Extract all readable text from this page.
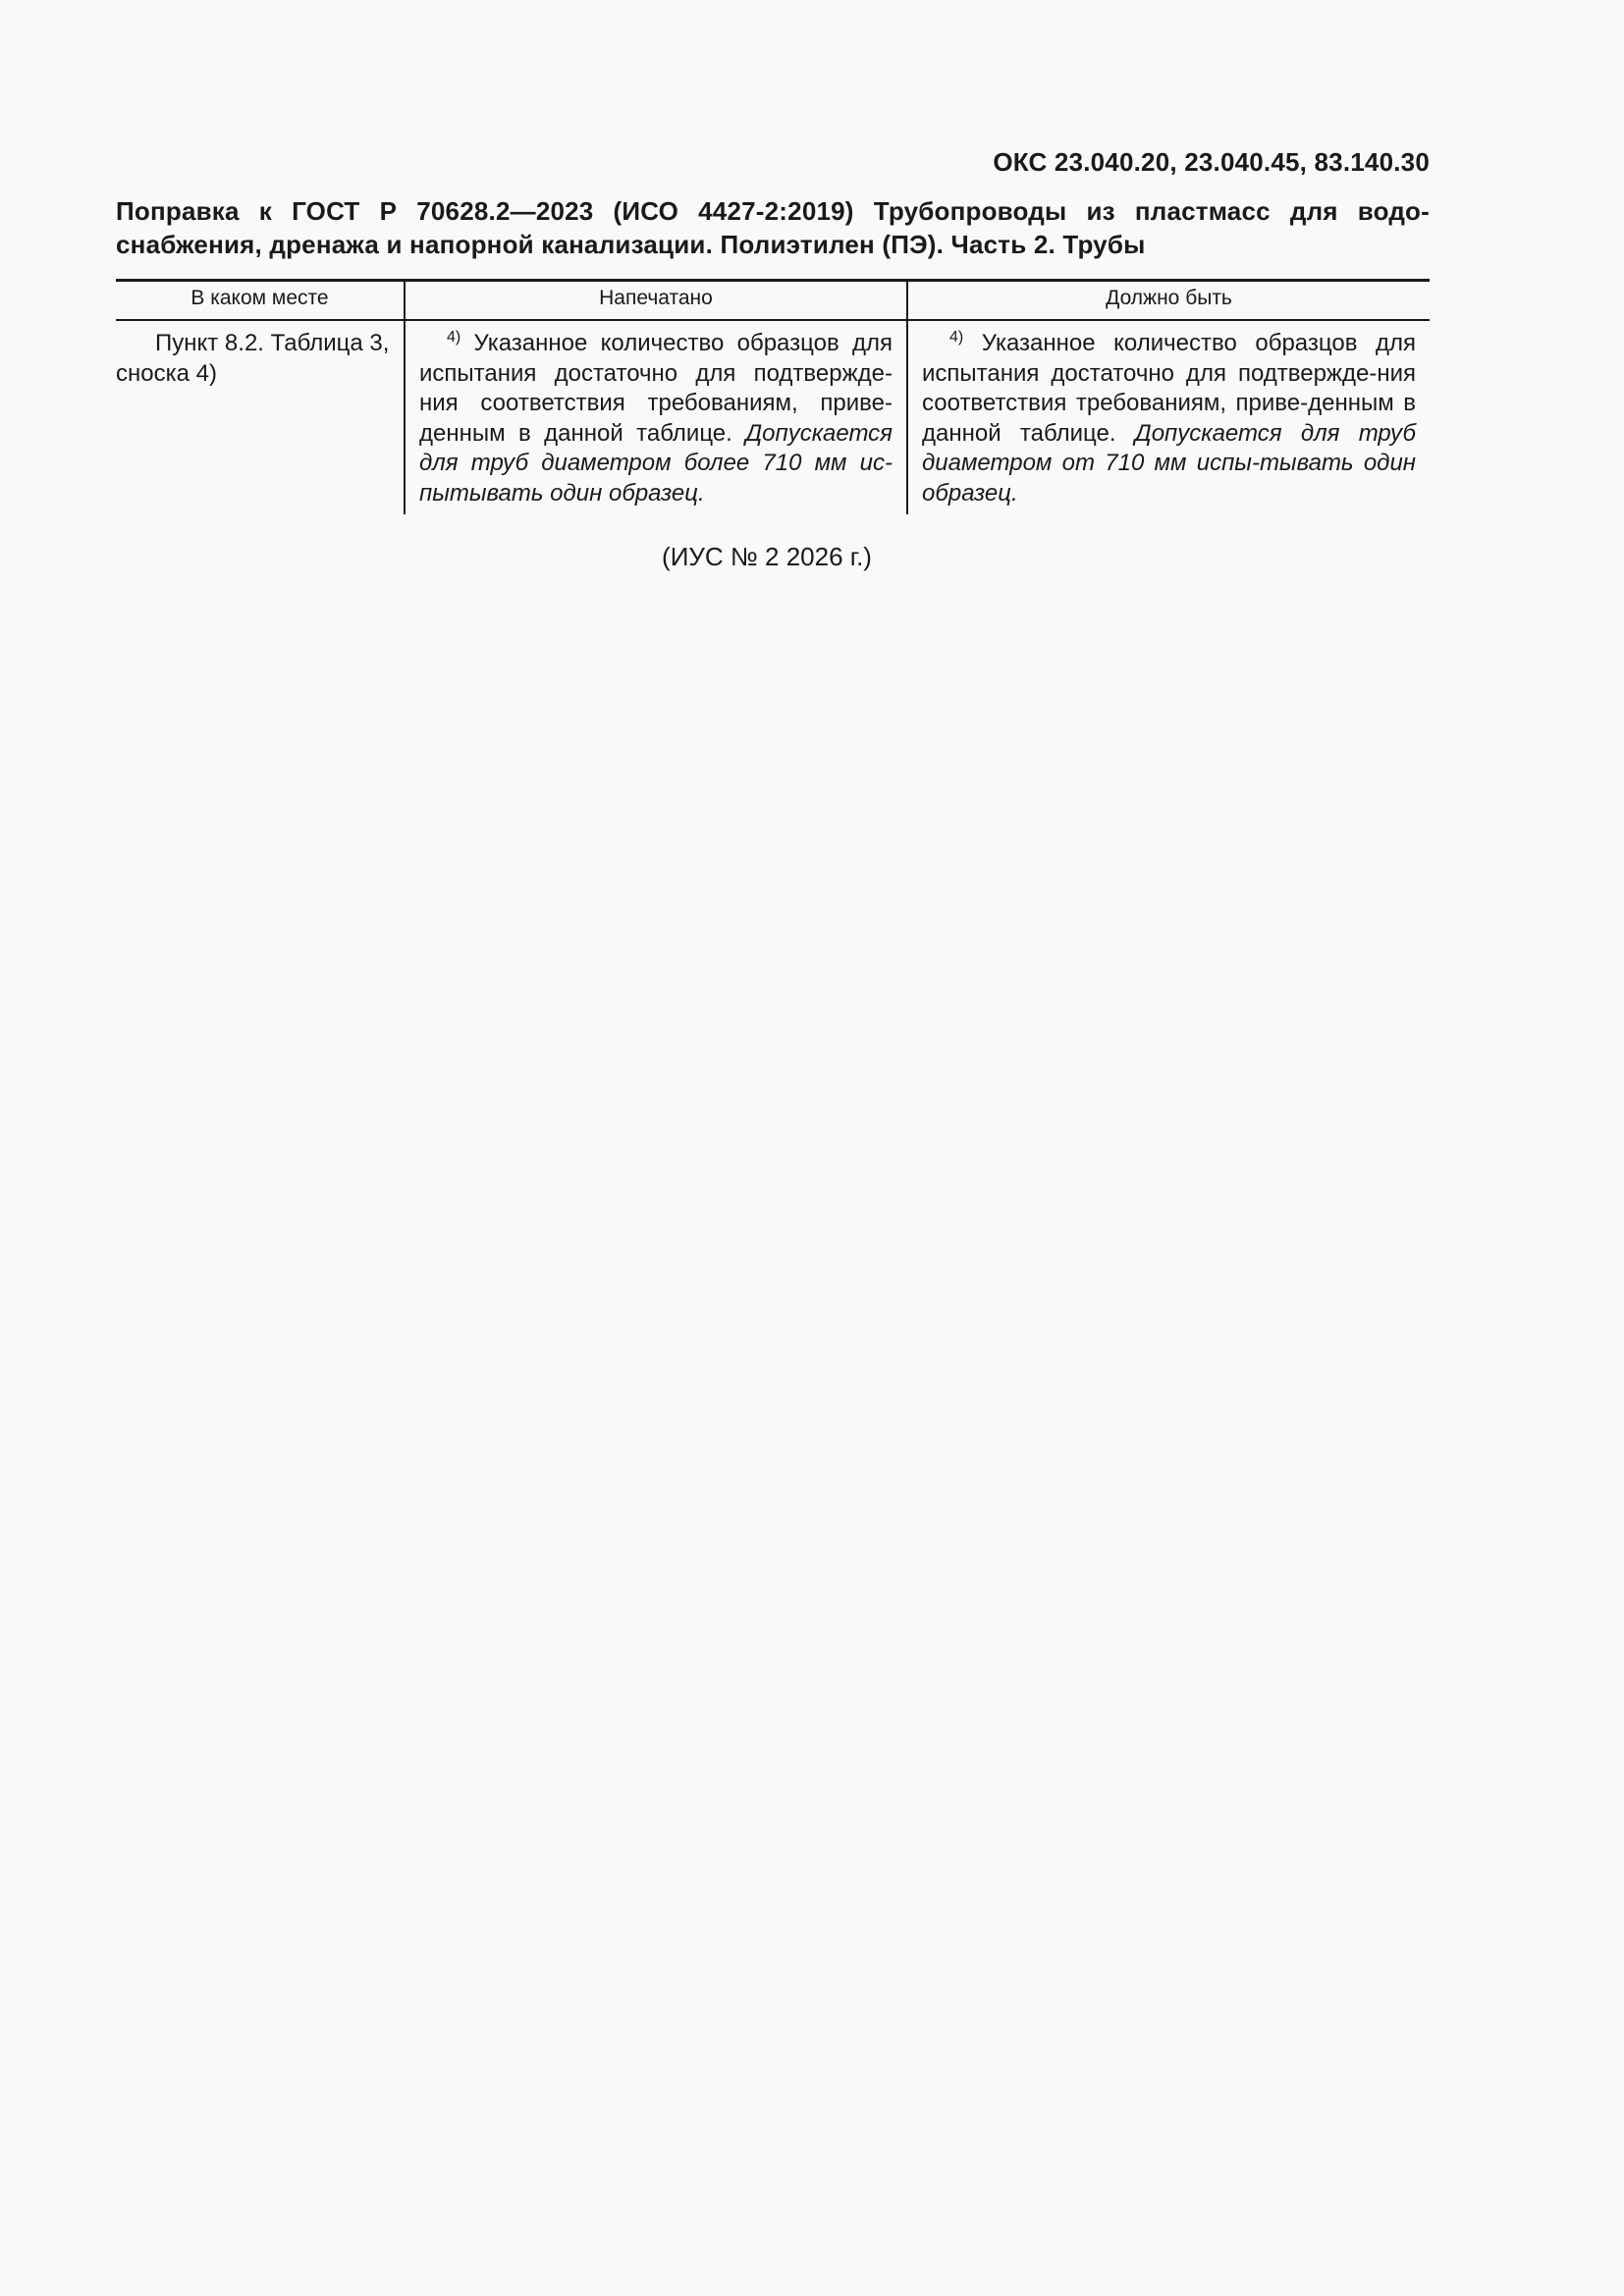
ОКС 23.040.20, 23.040.45, 83.140.30
Поправка к ГОСТ Р 70628.2—2023 (ИСО 4427-2:2019) Трубопроводы из пластмасс для водо-снабжения, дренажа и напорной канализации. Полиэтилен (ПЭ). Часть 2. Трубы
В каком месте	Напечатано	Должно быть

Пункт 8.2. Таблица 3, сноска 4)	$^{4)}$ Указанное количество образцов для испытания достаточно для подтвержде-ния соответствия требованиям, приве-денным в данной таблице. Допускается для труб диаметром более 710 мм ис-пытывать один образец.	$^{4)}$ Указанное количество образцов для испытания достаточно для подтвержде-ния соответствия требованиям, приве-денным в данной таблице. Допускается для труб диаметром от 710 мм испы-тывать один образец.
(ИУС № 2 2026 г.)
